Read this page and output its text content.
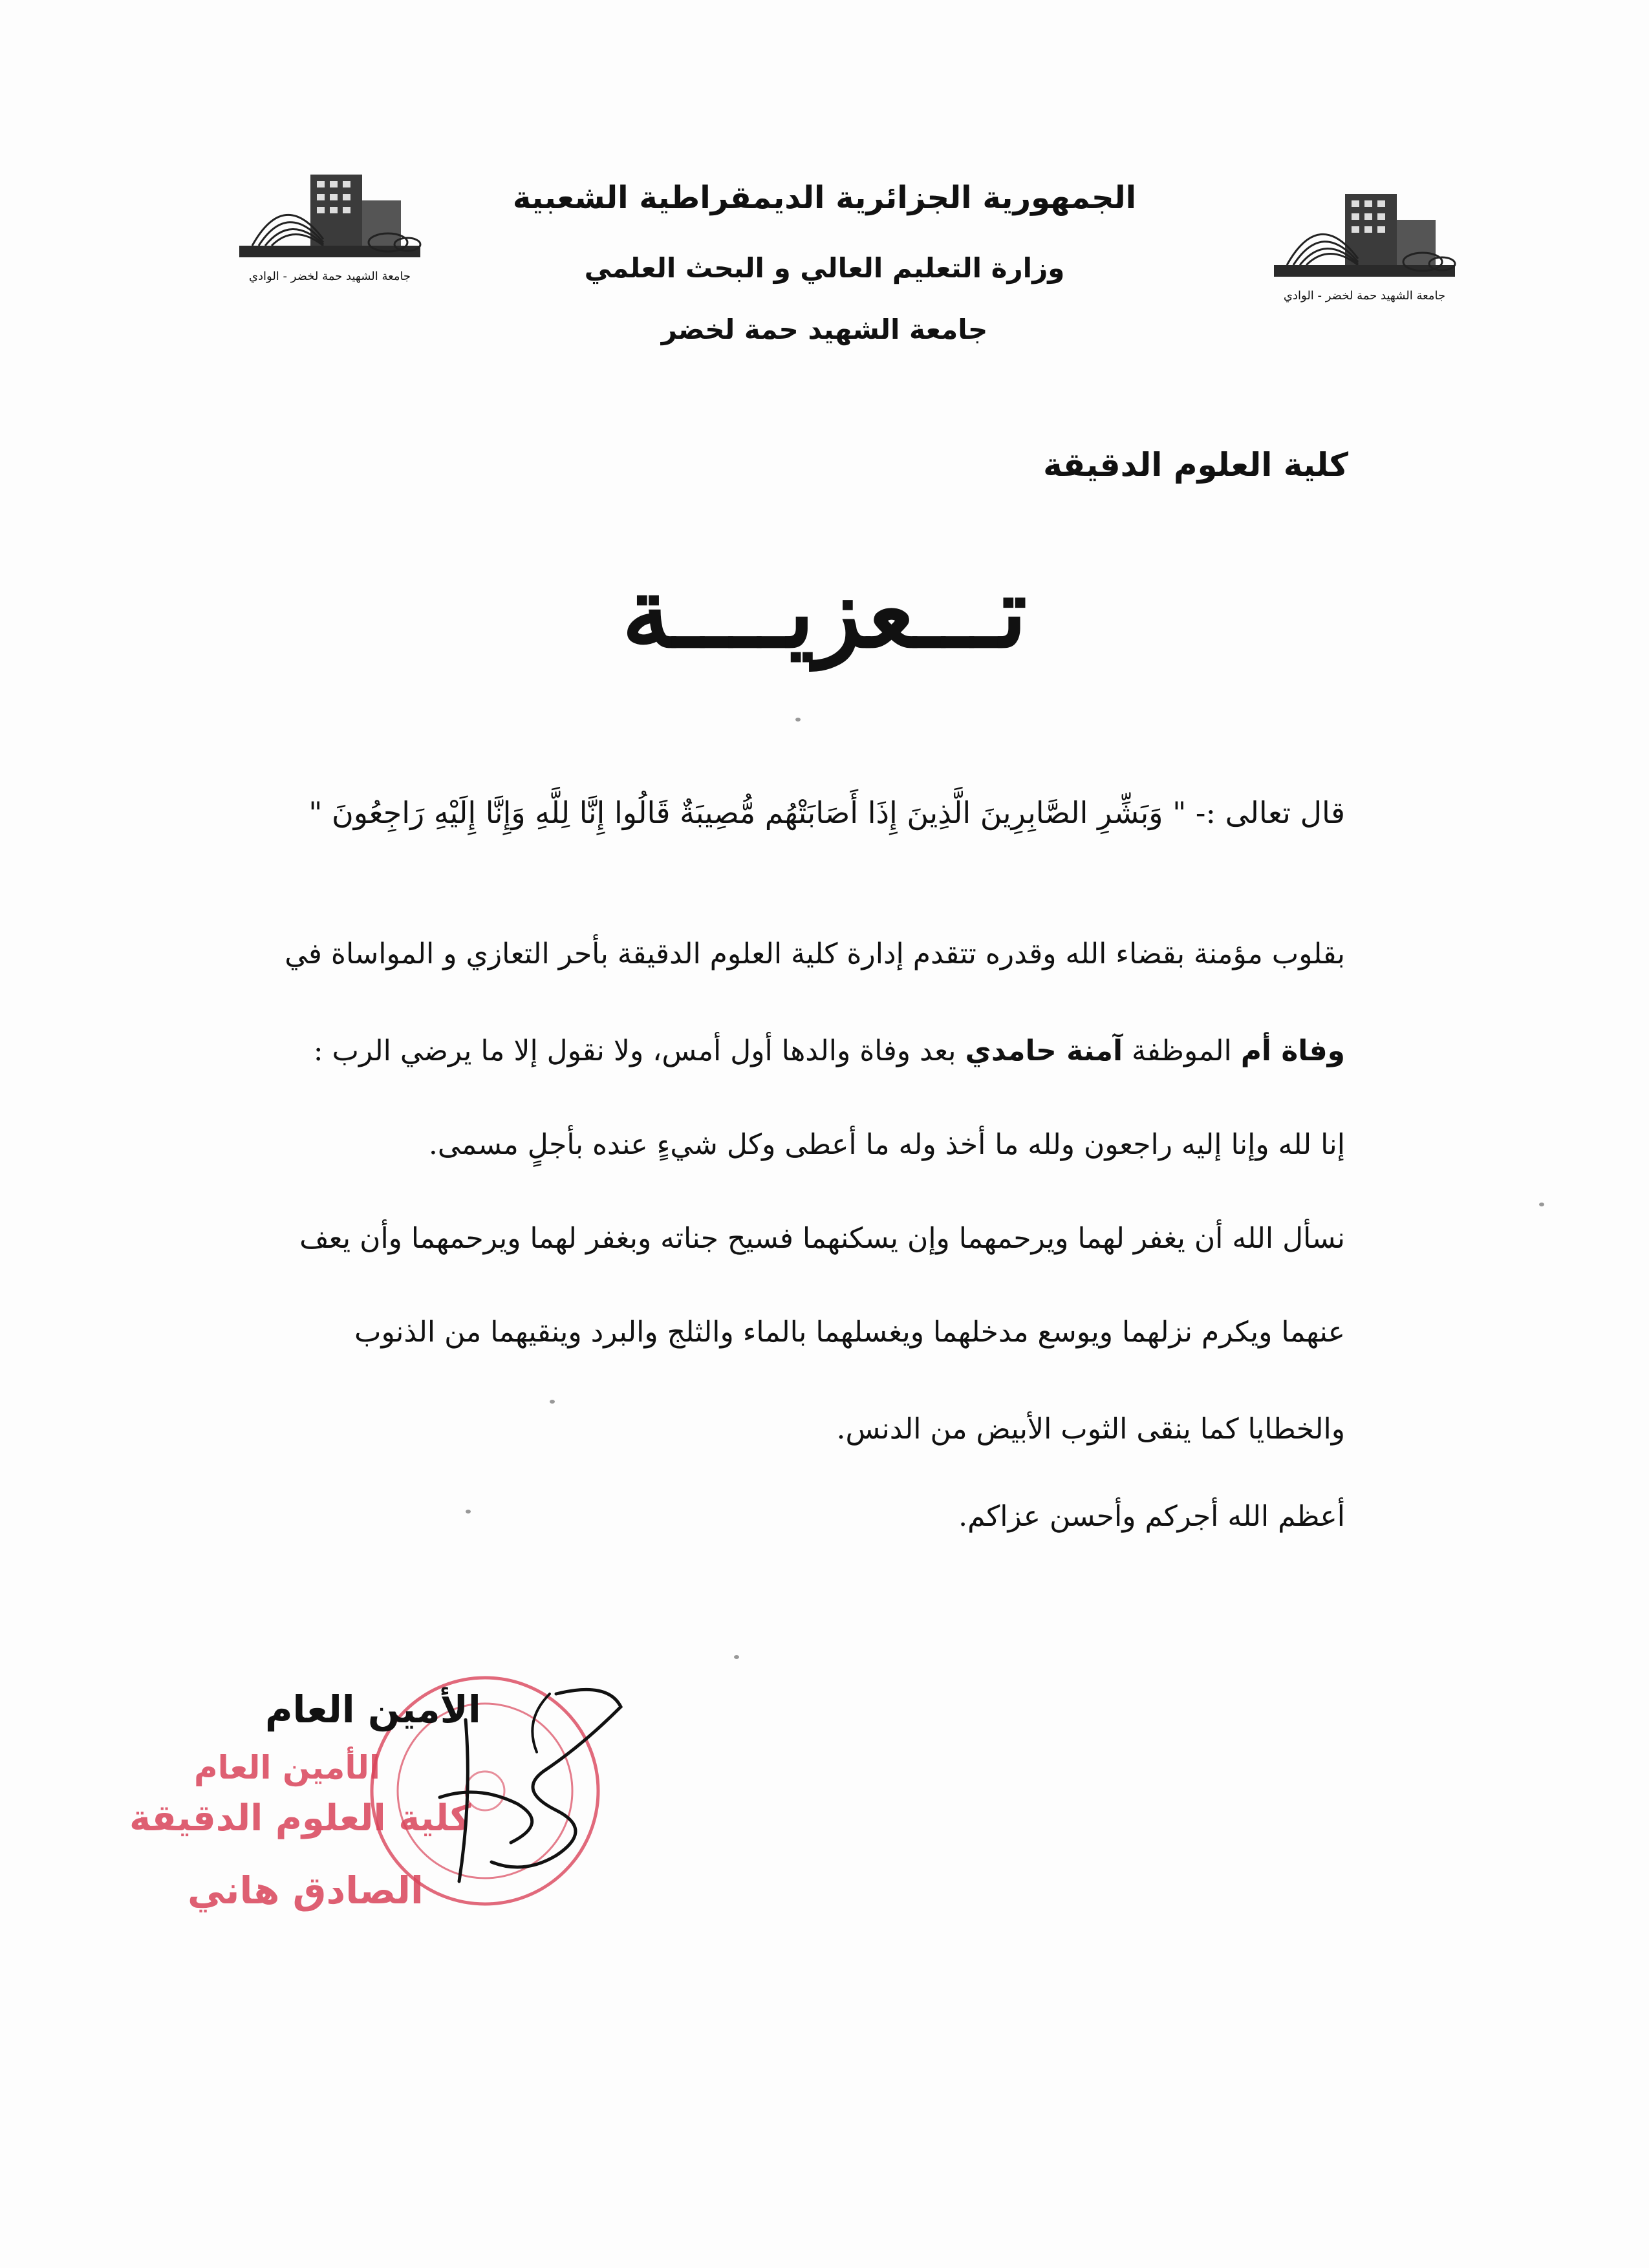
جامعة الشهيد حمة لخضر - الوادي
جامعة الشهيد حمة لخضر - الوادي
الجمهورية الجزائرية الديمقراطية الشعبية
وزارة التعليم العالي و البحث العلمي
جامعة الشهيد حمة لخضر
كلية العلوم الدقيقة
تـــعزيــــة
قال تعالى :- " وَبَشِّرِ الصَّابِرِينَ الَّذِينَ إِذَا أَصَابَتْهُم مُّصِيبَةٌ قَالُوا إِنَّا لِلَّهِ وَإِنَّا إِلَيْهِ رَاجِعُونَ "
بقلوب مؤمنة بقضاء الله وقدره تتقدم إدارة كلية العلوم الدقيقة بأحر التعازي و المواساة في
وفاة أم الموظفة آمنة حامدي بعد وفاة والدها أول أمس، ولا نقول إلا ما يرضي الرب :
إنا لله وإنا إليه راجعون ولله ما أخذ وله ما أعطى وكل شيءٍ عنده بأجلٍ مسمى.
نسأل الله أن يغفر لهما ويرحمهما وإن يسكنهما فسيح جناته وبغفر لهما ويرحمهما وأن يعف
عنهما ويكرم نزلهما ويوسع مدخلهما ويغسلهما بالماء والثلج والبرد وينقيهما من الذنوب
والخطايا كما ينقى الثوب الأبيض من الدنس.
أعظم الله أجركم وأحسن عزاكم.
الأمين العام
كلية العلوم الدقيقة
الصادق هاني
الأمين العام
